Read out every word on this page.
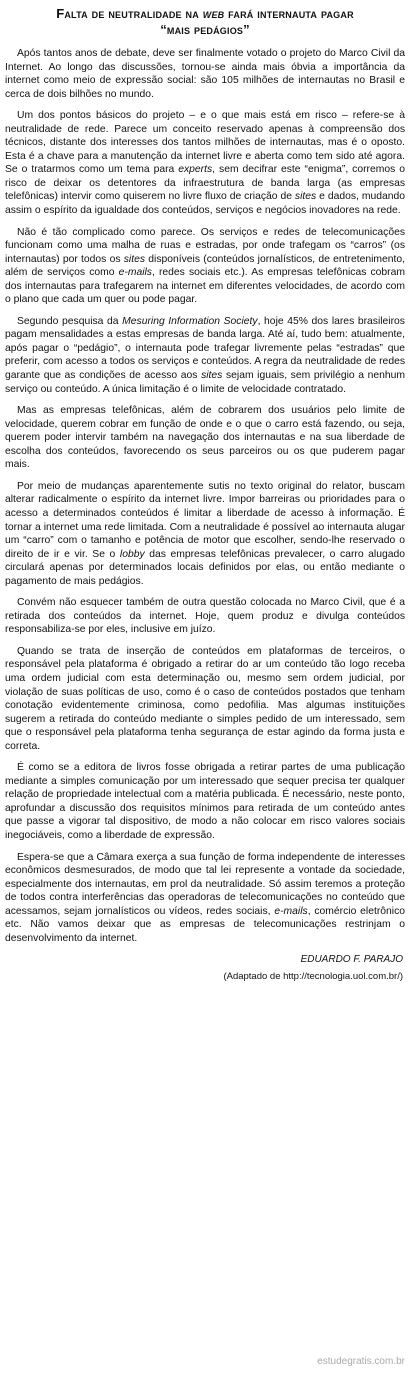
Falta de neutralidade na web fará internauta pagar
“mais pedágios”

Após tantos anos de debate, deve ser finalmente votado o projeto do Marco Civil da Internet. Ao longo das discussões, tornou-se ainda mais óbvia a importância da internet como meio de expressão social: são 105 milhões de internautas no Brasil e cerca de dois bilhões no mundo.

Um dos pontos básicos do projeto – e o que mais está em risco – refere-se à neutralidade de rede. Parece um conceito reservado apenas à compreensão dos técnicos, distante dos interesses dos tantos milhões de internautas, mas é o oposto. Esta é a chave para a manutenção da internet livre e aberta como tem sido até agora. Se o tratarmos como um tema para experts, sem decifrar este “enigma”, corremos o risco de deixar os detentores da infraestrutura de banda larga (as empresas telefônicas) intervir como quiserem no livre fluxo de criação de sites e dados, mudando assim o espírito da igualdade dos conteúdos, serviços e negócios inovadores na rede.

Não é tão complicado como parece. Os serviços e redes de telecomunicações funcionam como uma malha de ruas e estradas, por onde trafegam os “carros” (os internautas) por todos os sites disponíveis (conteúdos jornalísticos, de entretenimento, além de serviços como e-mails, redes sociais etc.). As empresas telefônicas cobram dos internautas para trafegarem na internet em diferentes velocidades, de acordo com o plano que cada um quer ou pode pagar.

Segundo pesquisa da Mesuring Information Society, hoje 45% dos lares brasileiros pagam mensalidades a estas empresas de banda larga. Até aí, tudo bem: atualmente, após pagar o “pedágio”, o internauta pode trafegar livremente pelas “estradas” que preferir, com acesso a todos os serviços e conteúdos. A regra da neutralidade de redes garante que as condições de acesso aos sites sejam iguais, sem privilégio a nenhum serviço ou conteúdo. A única limitação é o limite de velocidade contratado.

Mas as empresas telefônicas, além de cobrarem dos usuários pelo limite de velocidade, querem cobrar em função de onde e o que o carro está fazendo, ou seja, querem poder intervir também na navegação dos internautas e na sua liberdade de escolha dos conteúdos, favorecendo os seus parceiros ou os que puderem pagar mais.

Por meio de mudanças aparentemente sutis no texto original do relator, buscam alterar radicalmente o espírito da internet livre. Impor barreiras ou prioridades para o acesso a determinados conteúdos é limitar a liberdade de acesso à informação. É tornar a internet uma rede limitada. Com a neutralidade é possível ao internauta alugar um “carro” com o tamanho e potência de motor que escolher, sendo-lhe reservado o direito de ir e vir. Se o lobby das empresas telefônicas prevalecer, o carro alugado circulará apenas por determinados locais definidos por elas, ou então mediante o pagamento de mais pedágios.

Convém não esquecer também de outra questão colocada no Marco Civil, que é a retirada dos conteúdos da internet. Hoje, quem produz e divulga conteúdos responsabiliza-se por eles, inclusive em juízo.

Quando se trata de inserção de conteúdos em plataformas de terceiros, o responsável pela plataforma é obrigado a retirar do ar um conteúdo tão logo receba uma ordem judicial com esta determinação ou, mesmo sem ordem judicial, por violação de suas políticas de uso, como é o caso de conteúdos postados que tenham conotação evidentemente criminosa, como pedofilia. Mas algumas instituições sugerem a retirada do conteúdo mediante o simples pedido de um interessado, sem que o responsável pela plataforma tenha segurança de estar agindo da forma justa e correta.

É como se a editora de livros fosse obrigada a retirar partes de uma publicação mediante a simples comunicação por um interessado que sequer precisa ter qualquer relação de propriedade intelectual com a matéria publicada. É necessário, neste ponto, aprofundar a discussão dos requisitos mínimos para retirada de um conteúdo antes que passe a vigorar tal dispositivo, de modo a não colocar em risco valores sociais inegociáveis, como a liberdade de expressão.

Espera-se que a Câmara exerça a sua função de forma independente de interesses econômicos desmesurados, de modo que tal lei represente a vontade da sociedade, especialmente dos internautas, em prol da neutralidade. Só assim teremos a proteção de todos contra interferências das operadoras de telecomunicações no conteúdo que acessamos, sejam jornalísticos ou vídeos, redes sociais, e-mails, comércio eletrônico etc. Não vamos deixar que as empresas de telecomunicações restrinjam o desenvolvimento da internet.

EDUARDO F. PARAJO
(Adaptado de http://tecnologia.uol.com.br/)
estudegratis.com.br
